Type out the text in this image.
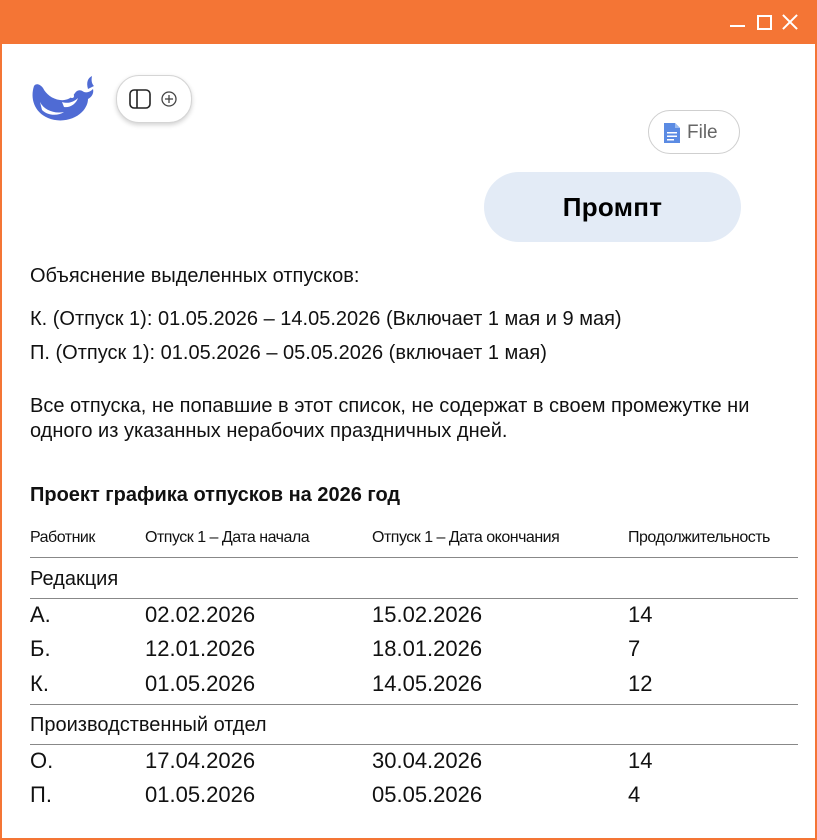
File
Промпт
Объяснение выделенных отпусков:
К. (Отпуск 1): 01.05.2026 – 14.05.2026 (Включает 1 мая и 9 мая)
П. (Отпуск 1): 01.05.2026 – 05.05.2026 (включает 1 мая)
Все отпуска, не попавшие в этот список, не содержат в своем промежутке ни одного из указанных нерабочих праздничных дней.
Проект графика отпусков на 2026 год
Работник	Отпуск 1 – Дата начала	Отпуск 1 – Дата окончания	Продолжительность
Редакция
А.	02.02.2026	15.02.2026	14
Б.	12.01.2026	18.01.2026	7
К.	01.05.2026	14.05.2026	12
Производственный отдел
О.	17.04.2026	30.04.2026	14
П.	01.05.2026	05.05.2026	4
